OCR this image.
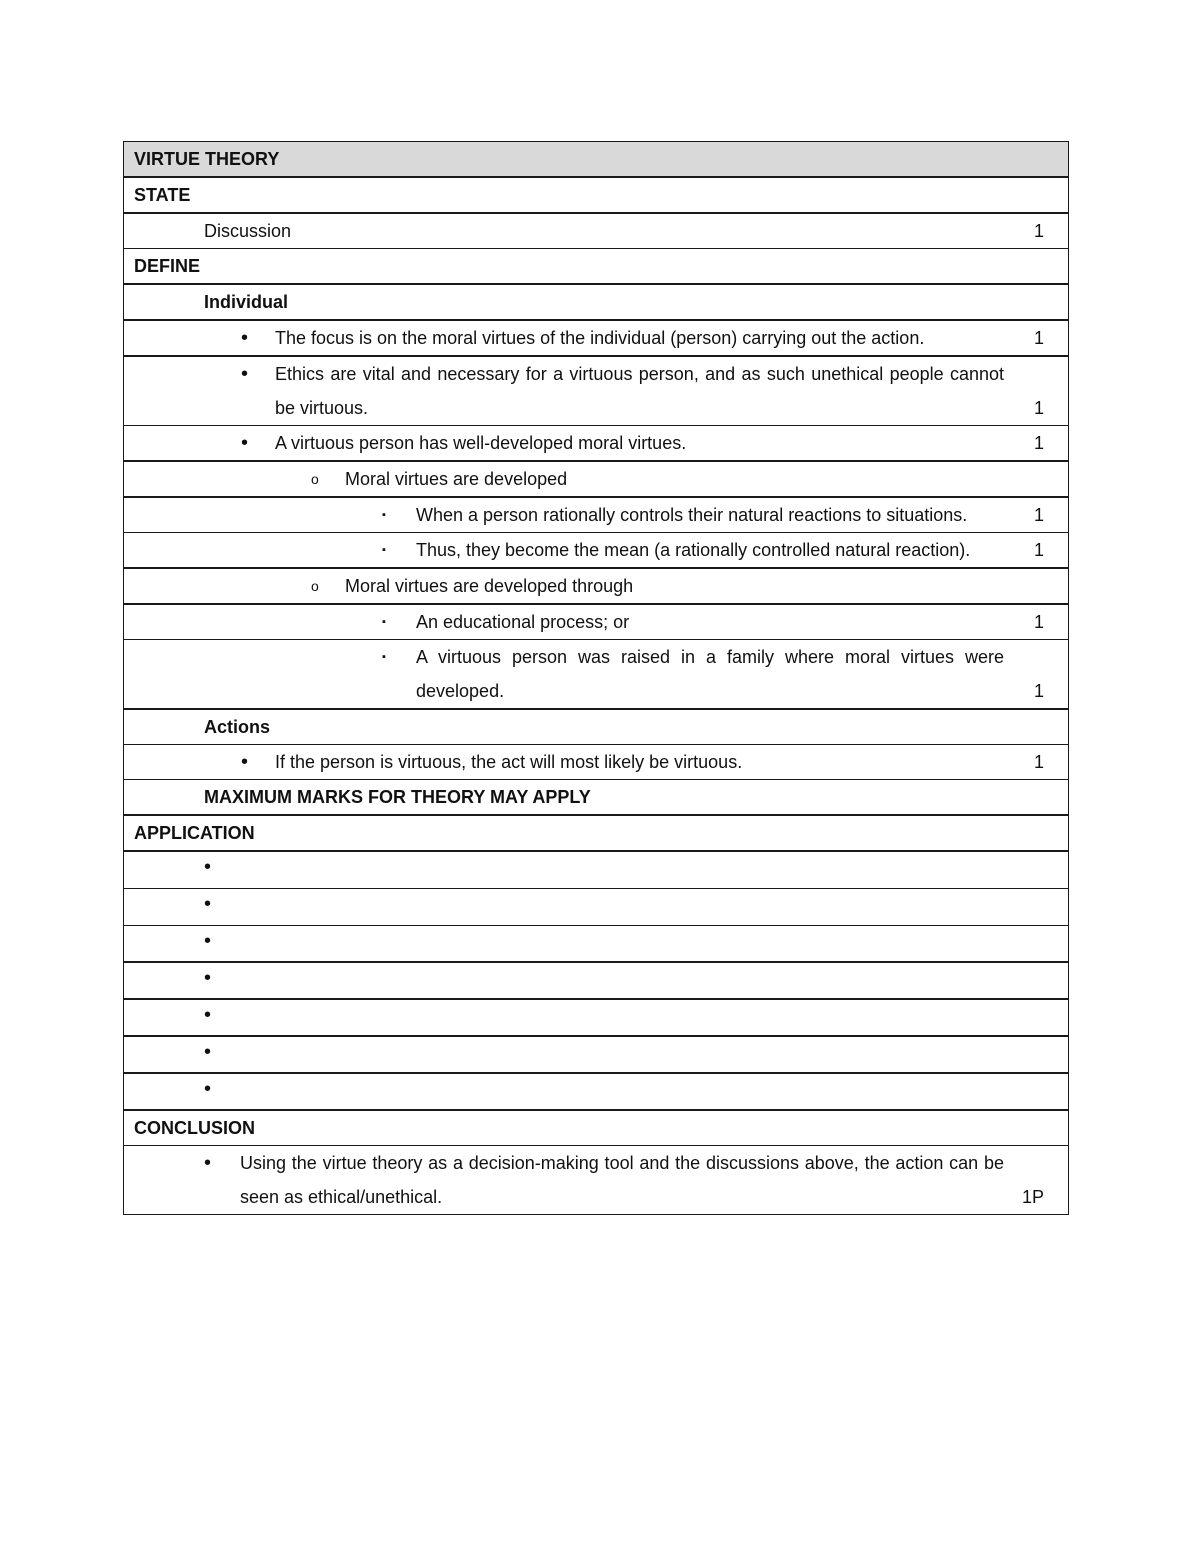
VIRTUE THEORY
STATE
Discussion	1
DEFINE
Individual
•	The focus is on the moral virtues of the individual (person) carrying out the action.	1
•	Ethics are vital and necessary for a virtuous person, and as such unethical people cannot be virtuous.	1
•	A virtuous person has well-developed moral virtues.	1
o	Moral virtues are developed
▪	When a person rationally controls their natural reactions to situations.	1
▪	Thus, they become the mean (a rationally controlled natural reaction).	1
o	Moral virtues are developed through
▪	An educational process; or	1
▪	A virtuous person was raised in a family where moral virtues were developed.	1
Actions
•	If the person is virtuous, the act will most likely be virtuous.	1
MAXIMUM MARKS FOR THEORY MAY APPLY
APPLICATION
•
•
•
•
•
•
•
CONCLUSION
•	Using the virtue theory as a decision-making tool and the discussions above, the action can be seen as ethical/unethical.	1P
